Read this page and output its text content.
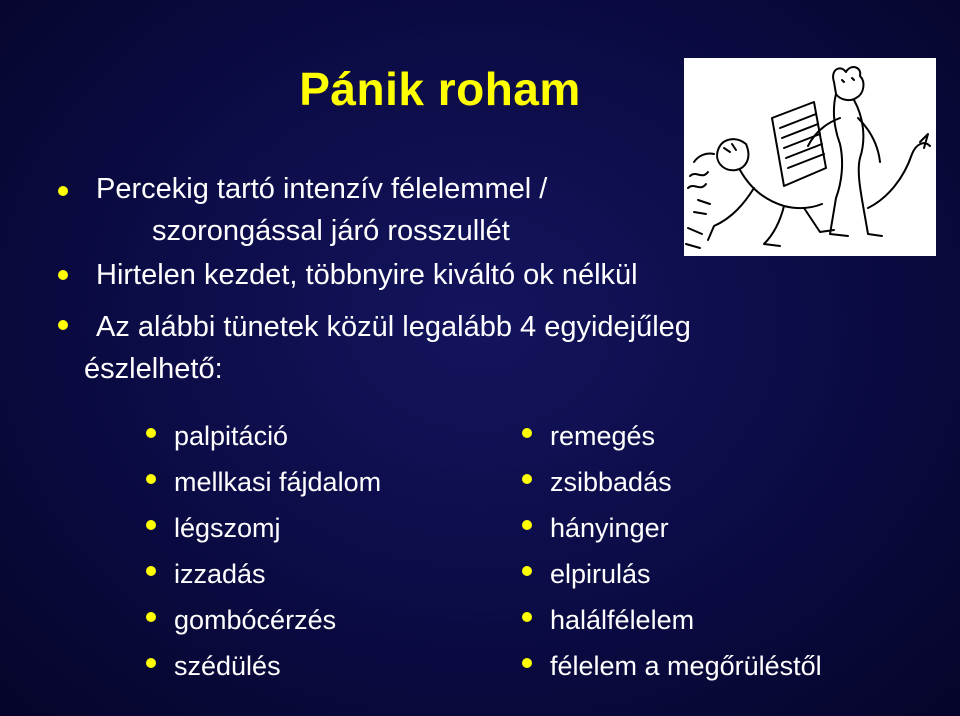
Pánik roham
Percekig tartó intenzív félelemmel /
szorongással járó rosszullét
Hirtelen kezdet, többnyire kiváltó ok nélkül
Az alábbi tünetek közül legalább 4 egyidejűleg
észlelhető:
palpitáció
mellkasi fájdalom
légszomj
izzadás
gombócérzés
szédülés
remegés
zsibbadás
hányinger
elpirulás
halálfélelem
félelem a megőrüléstől
